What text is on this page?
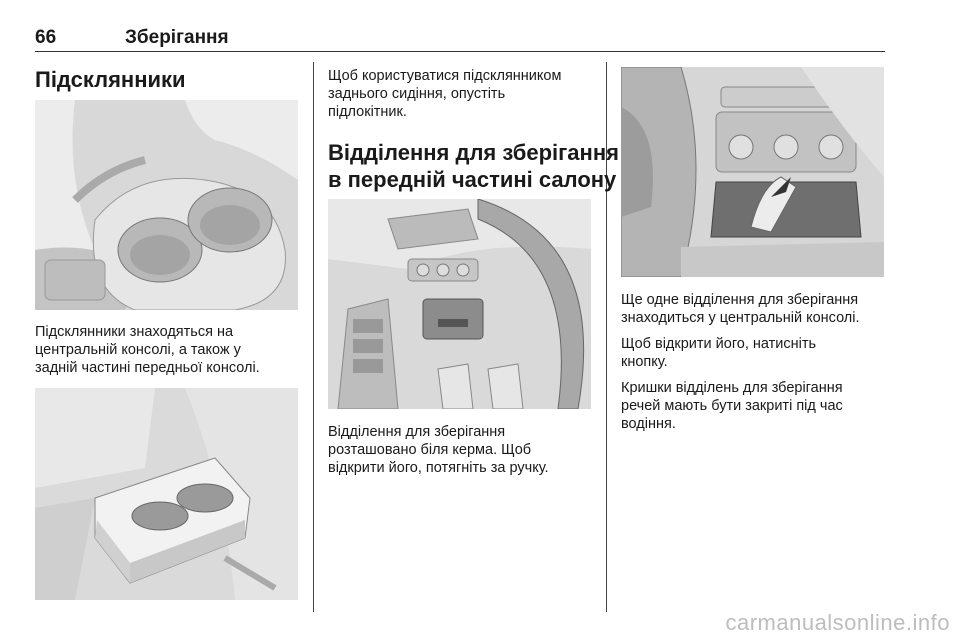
66	Зберігання
Підсклянники

Підсклянники знаходяться на

центральній консолі, а також у

задній частині передньої консолі.

Щоб користуватися підсклянником

заднього сидіння, опустіть

підлокітник.

Відділення для зберігання
в передній частині салону

Відділення для зберігання

розташовано біля керма. Щоб

відкрити його, потягніть за ручку.

Ще одне відділення для зберігання

знаходиться у центральній консолі.

Щоб відкрити його, натисніть

кнопку.

Кришки відділень для зберігання

речей мають бути закриті під час

водіння.

carmanualsonline.info
